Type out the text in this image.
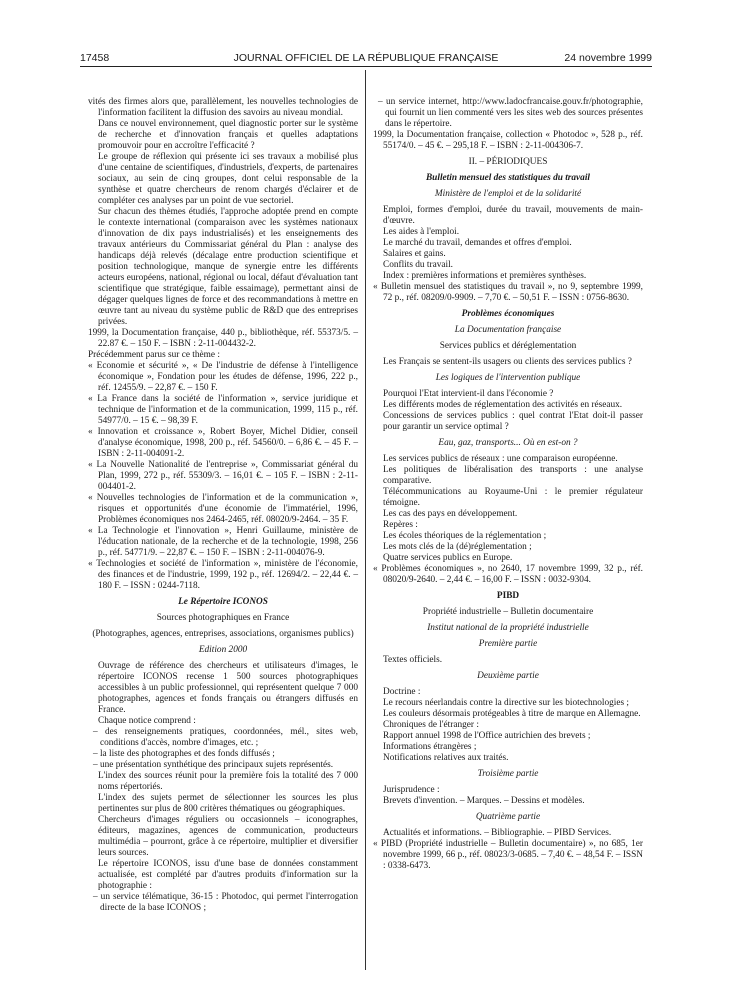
JOURNAL OFFICIEL DE LA RÉPUBLIQUE FRANÇAISE
17458	24 novembre 1999

vités des firmes alors que, parallèlement, les nouvelles technologies de l'information facilitent la diffusion des savoirs au niveau mondial.

Dans ce nouvel environnement, quel diagnostic porter sur le système de recherche et d'innovation français et quelles adaptations promouvoir pour en accroître l'efficacité ?

Le groupe de réflexion qui présente ici ses travaux a mobilisé plus d'une centaine de scientifiques, d'industriels, d'experts, de partenaires sociaux, au sein de cinq groupes, dont celui responsable de la synthèse et quatre chercheurs de renom chargés d'éclairer et de compléter ces analyses par un point de vue sectoriel.

Sur chacun des thèmes étudiés, l'approche adoptée prend en compte le contexte international (comparaison avec les systèmes nationaux d'innovation de dix pays industrialisés) et les enseignements des travaux antérieurs du Commissariat général du Plan : analyse des handicaps déjà relevés (décalage entre production scientifique et position technologique, manque de synergie entre les différents acteurs européens, national, régional ou local, défaut d'évaluation tant scientifique que stratégique, faible essaimage), permettant ainsi de dégager quelques lignes de force et des recommandations à mettre en œuvre tant au niveau du système public de R&D que des entreprises privées.

1999, la Documentation française, 440 p., bibliothèque, réf. 55373/5. – 22.87 €. – 150 F. – ISBN : 2-11-004432-2.

Précédemment parus sur ce thème :

« Economie et sécurité », « De l'industrie de défense à l'intelligence économique », Fondation pour les études de défense, 1996, 222 p., réf. 12455/9. – 22,87 €. – 150 F.

« La France dans la société de l'information », service juridique et technique de l'information et de la communication, 1999, 115 p., réf. 54977/0. – 15 €. – 98,39 F.

« Innovation et croissance », Robert Boyer, Michel Didier, conseil d'analyse économique, 1998, 200 p., réf. 54560/0. – 6,86 €. – 45 F. – ISBN : 2-11-004091-2.

« La Nouvelle Nationalité de l'entreprise », Commissariat général du Plan, 1999, 272 p., réf. 55309/3. – 16,01 €. – 105 F. – ISBN : 2-11-004401-2.

« Nouvelles technologies de l'information et de la communication », risques et opportunités d'une économie de l'immatériel, 1996, Problèmes économiques nos 2464-2465, réf. 08020/9-2464. – 35 F.

« La Technologie et l'innovation », Henri Guillaume, ministère de l'éducation nationale, de la recherche et de la technologie, 1998, 256 p., réf. 54771/9. – 22,87 €. – 150 F. – ISBN : 2-11-004076-9.

« Technologies et société de l'information », ministère de l'économie, des finances et de l'industrie, 1999, 192 p., réf. 12694/2. – 22,44 €. – 180 F. – ISSN : 0244-7118.

Le Répertoire ICONOS

Sources photographiques en France

(Photographes, agences, entreprises, associations, organismes publics)

Edition 2000

Ouvrage de référence des chercheurs et utilisateurs d'images, le répertoire ICONOS recense 1 500 sources photographiques accessibles à un public professionnel, qui représentent quelque 7 000 photographes, agences et fonds français ou étrangers diffusés en France.

Chaque notice comprend :

– des renseignements pratiques, coordonnées, mél., sites web, conditions d'accès, nombre d'images, etc. ;

– la liste des photographes et des fonds diffusés ;

– une présentation synthétique des principaux sujets représentés.

L'index des sources réunit pour la première fois la totalité des 7 000 noms répertoriés.

L'index des sujets permet de sélectionner les sources les plus pertinentes sur plus de 800 critères thématiques ou géographiques.

Chercheurs d'images réguliers ou occasionnels – iconographes, éditeurs, magazines, agences de communication, producteurs multimédia – pourront, grâce à ce répertoire, multiplier et diversifier leurs sources.

Le répertoire ICONOS, issu d'une base de données constamment actualisée, est complété par d'autres produits d'information sur la photographie :

– un service télématique, 36-15 : Photodoc, qui permet l'interrogation directe de la base ICONOS ;

– un service internet, http://www.ladocfrancaise.gouv.fr/photographie, qui fournit un lien commenté vers les sites web des sources présentes dans le répertoire.

1999, la Documentation française, collection « Photodoc », 528 p., réf. 55174/0. – 45 €. – 295,18 F. – ISBN : 2-11-004306-7.

II. – PÉRIODIQUES

Bulletin mensuel des statistiques du travail

Ministère de l'emploi et de la solidarité

Emploi, formes d'emploi, durée du travail, mouvements de main-d'œuvre.

Les aides à l'emploi.

Le marché du travail, demandes et offres d'emploi.

Salaires et gains.

Conflits du travail.

Index : premières informations et premières synthèses.

« Bulletin mensuel des statistiques du travail », no 9, septembre 1999, 72 p., réf. 08209/0-9909. – 7,70 €. – 50,51 F. – ISSN : 0756-8630.

Problèmes économiques

La Documentation française

Services publics et déréglementation

Les Français se sentent-ils usagers ou clients des services publics ?

Les logiques de l'intervention publique

Pourquoi l'Etat intervient-il dans l'économie ?

Les différents modes de réglementation des activités en réseaux.

Concessions de services publics : quel contrat l'Etat doit-il passer pour garantir un service optimal ?

Eau, gaz, transports... Où en est-on ?

Les services publics de réseaux : une comparaison européenne.

Les politiques de libéralisation des transports : une analyse comparative.

Télécommunications au Royaume-Uni : le premier régulateur témoigne.

Les cas des pays en développement.

Repères :

Les écoles théoriques de la réglementation ;

Les mots clés de la (dé)réglementation ;

Quatre services publics en Europe.

« Problèmes économiques », no 2640, 17 novembre 1999, 32 p., réf. 08020/9-2640. – 2,44 €. – 16,00 F. – ISSN : 0032-9304.

PIBD

Propriété industrielle – Bulletin documentaire

Institut national de la propriété industrielle

Première partie

Textes officiels.

Deuxième partie

Doctrine :

Le recours néerlandais contre la directive sur les biotechnologies ;

Les couleurs désormais protégeables à titre de marque en Allemagne.

Chroniques de l'étranger :

Rapport annuel 1998 de l'Office autrichien des brevets ;

Informations étrangères ;

Notifications relatives aux traités.

Troisième partie

Jurisprudence :

Brevets d'invention. – Marques. – Dessins et modèles.

Quatrième partie

Actualités et informations. – Bibliographie. – PIBD Services.

« PIBD (Propriété industrielle – Bulletin documentaire) », no 685, 1er novembre 1999, 66 p., réf. 08023/3-0685. – 7,40 €. – 48,54 F. – ISSN : 0338-6473.
